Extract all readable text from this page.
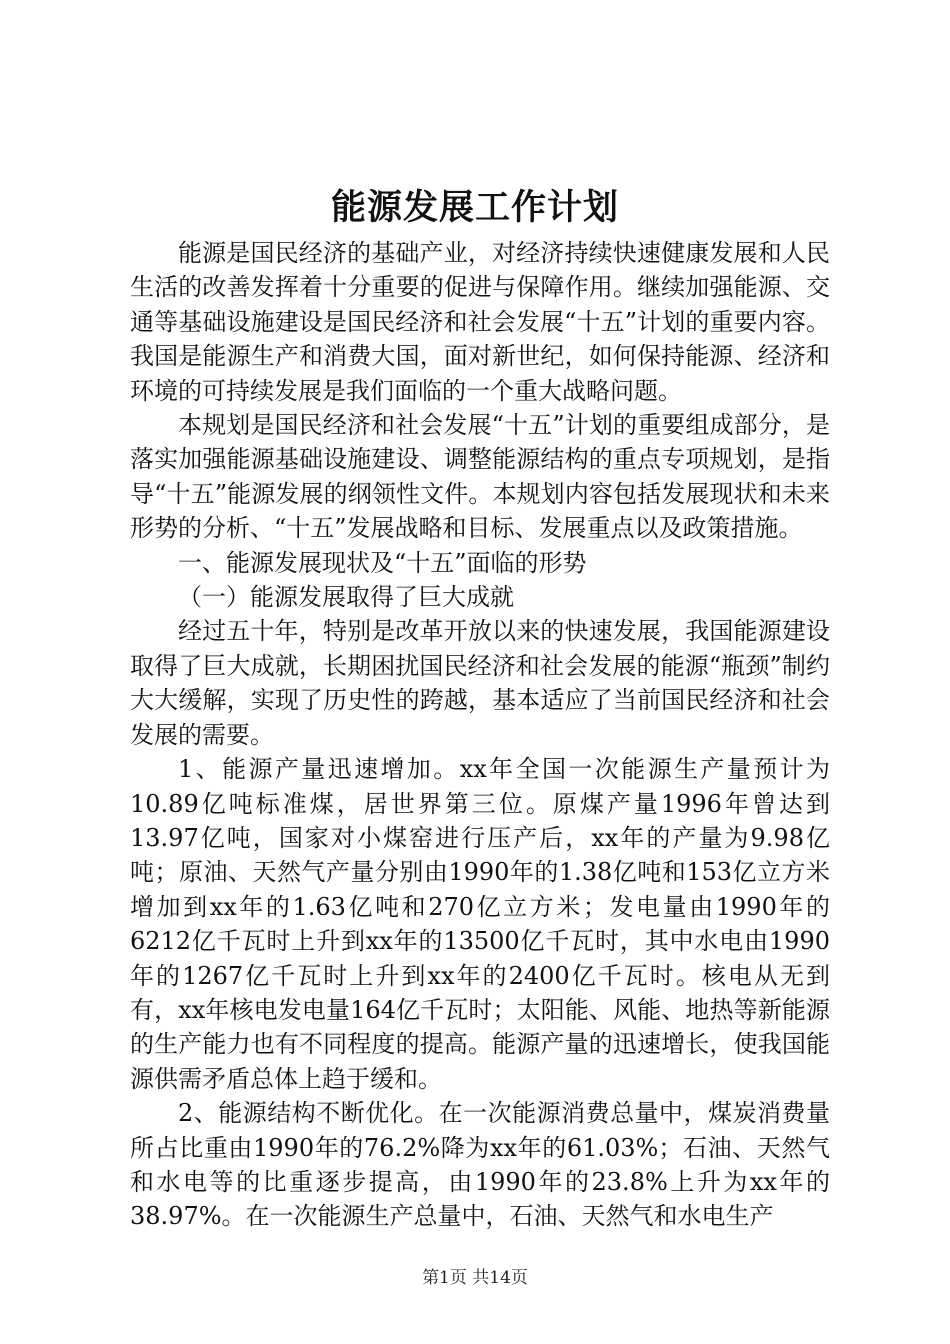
能源发展工作计划

能源是国民经济的基础产业，对经济持续快速健康发展和人民生活的改善发挥着十分重要的促进与保障作用。继续加强能源、交通等基础设施建设是国民经济和社会发展“十五”计划的重要内容。我国是能源生产和消费大国，面对新世纪，如何保持能源、经济和环境的可持续发展是我们面临的一个重大战略问题。

本规划是国民经济和社会发展“十五”计划的重要组成部分，是落实加强能源基础设施建设、调整能源结构的重点专项规划，是指导“十五”能源发展的纲领性文件。本规划内容包括发展现状和未来形势的分析、“十五”发展战略和目标、发展重点以及政策措施。

一、能源发展现状及“十五”面临的形势

（一）能源发展取得了巨大成就

经过五十年，特别是改革开放以来的快速发展，我国能源建设取得了巨大成就，长期困扰国民经济和社会发展的能源“瓶颈”制约大大缓解，实现了历史性的跨越，基本适应了当前国民经济和社会发展的需要。

1、能源产量迅速增加。xx年全国一次能源生产量预计为10.89亿吨标准煤，居世界第三位。原煤产量1996年曾达到13.97亿吨，国家对小煤窑进行压产后，xx年的产量为9.98亿吨；原油、天然气产量分别由1990年的1.38亿吨和153亿立方米增加到xx年的1.63亿吨和270亿立方米；发电量由1990年的6212亿千瓦时上升到xx年的13500亿千瓦时，其中水电由1990年的1267亿千瓦时上升到xx年的2400亿千瓦时。核电从无到有，xx年核电发电量164亿千瓦时；太阳能、风能、地热等新能源的生产能力也有不同程度的提高。能源产量的迅速增长，使我国能源供需矛盾总体上趋于缓和。

2、能源结构不断优化。在一次能源消费总量中，煤炭消费量所占比重由1990年的76.2%降为xx年的61.03%；石油、天然气和水电等的比重逐步提高，由1990年的23.8%上升为xx年的38.97%。在一次能源生产总量中，石油、天然气和水电生产

第1页 共14页
